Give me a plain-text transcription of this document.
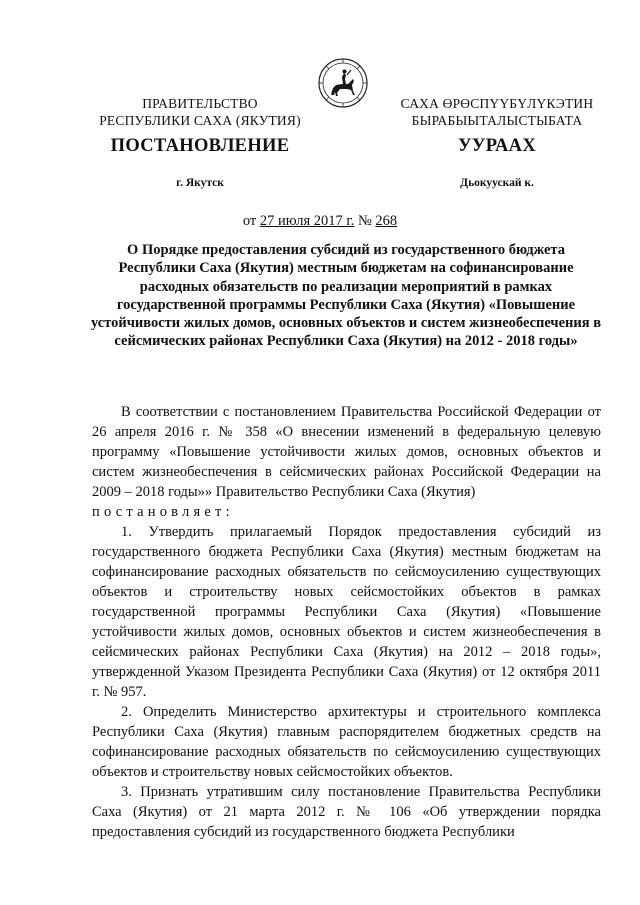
ПРАВИТЕЛЬСТВО
РЕСПУБЛИКИ САХА (ЯКУТИЯ)
САХА ӨРӨСПҮҮБҮЛҮКЭТИН
БЫРАБЫЫТАЛЫСТЫБАТА
ПОСТАНОВЛЕНИЕ	УУРААХ
г. Якутск	Дьокуускай к.
от 27 июля 2017 г. № 268
О Порядке предоставления субсидий из государственного бюджета Республики Саха (Якутия) местным бюджетам на софинансирование расходных обязательств по реализации мероприятий в рамках государственной программы Республики Саха (Якутия) «Повышение устойчивости жилых домов, основных объектов и систем жизнеобеспечения в сейсмических районах Республики Саха (Якутия) на 2012 - 2018 годы»

В соответствии с постановлением Правительства Российской Федерации от 26 апреля 2016 г. № 358 «О внесении изменений в федеральную целевую программу «Повышение устойчивости жилых домов, основных объектов и систем жизнеобеспечения в сейсмических районах Российской Федерации на 2009 – 2018 годы»» Правительство Республики Саха (Якутия)

постановляет:

1. Утвердить прилагаемый Порядок предоставления субсидий из государственного бюджета Республики Саха (Якутия) местным бюджетам на софинансирование расходных обязательств по сейсмоусилению существующих объектов и строительству новых сейсмостойких объектов в рамках государственной программы Республики Саха (Якутия) «Повышение устойчивости жилых домов, основных объектов и систем жизнеобеспечения в сейсмических районах Республики Саха (Якутия) на 2012 – 2018 годы», утвержденной Указом Президента Республики Саха (Якутия) от 12 октября 2011 г. № 957.

2. Определить Министерство архитектуры и строительного комплекса Республики Саха (Якутия) главным распорядителем бюджетных средств на софинансирование расходных обязательств по сейсмоусилению существующих объектов и строительству новых сейсмостойких объектов.

3. Признать утратившим силу постановление Правительства Республики Саха (Якутия) от 21 марта 2012 г. № 106 «Об утверждении порядка предоставления субсидий из государственного бюджета Республики
